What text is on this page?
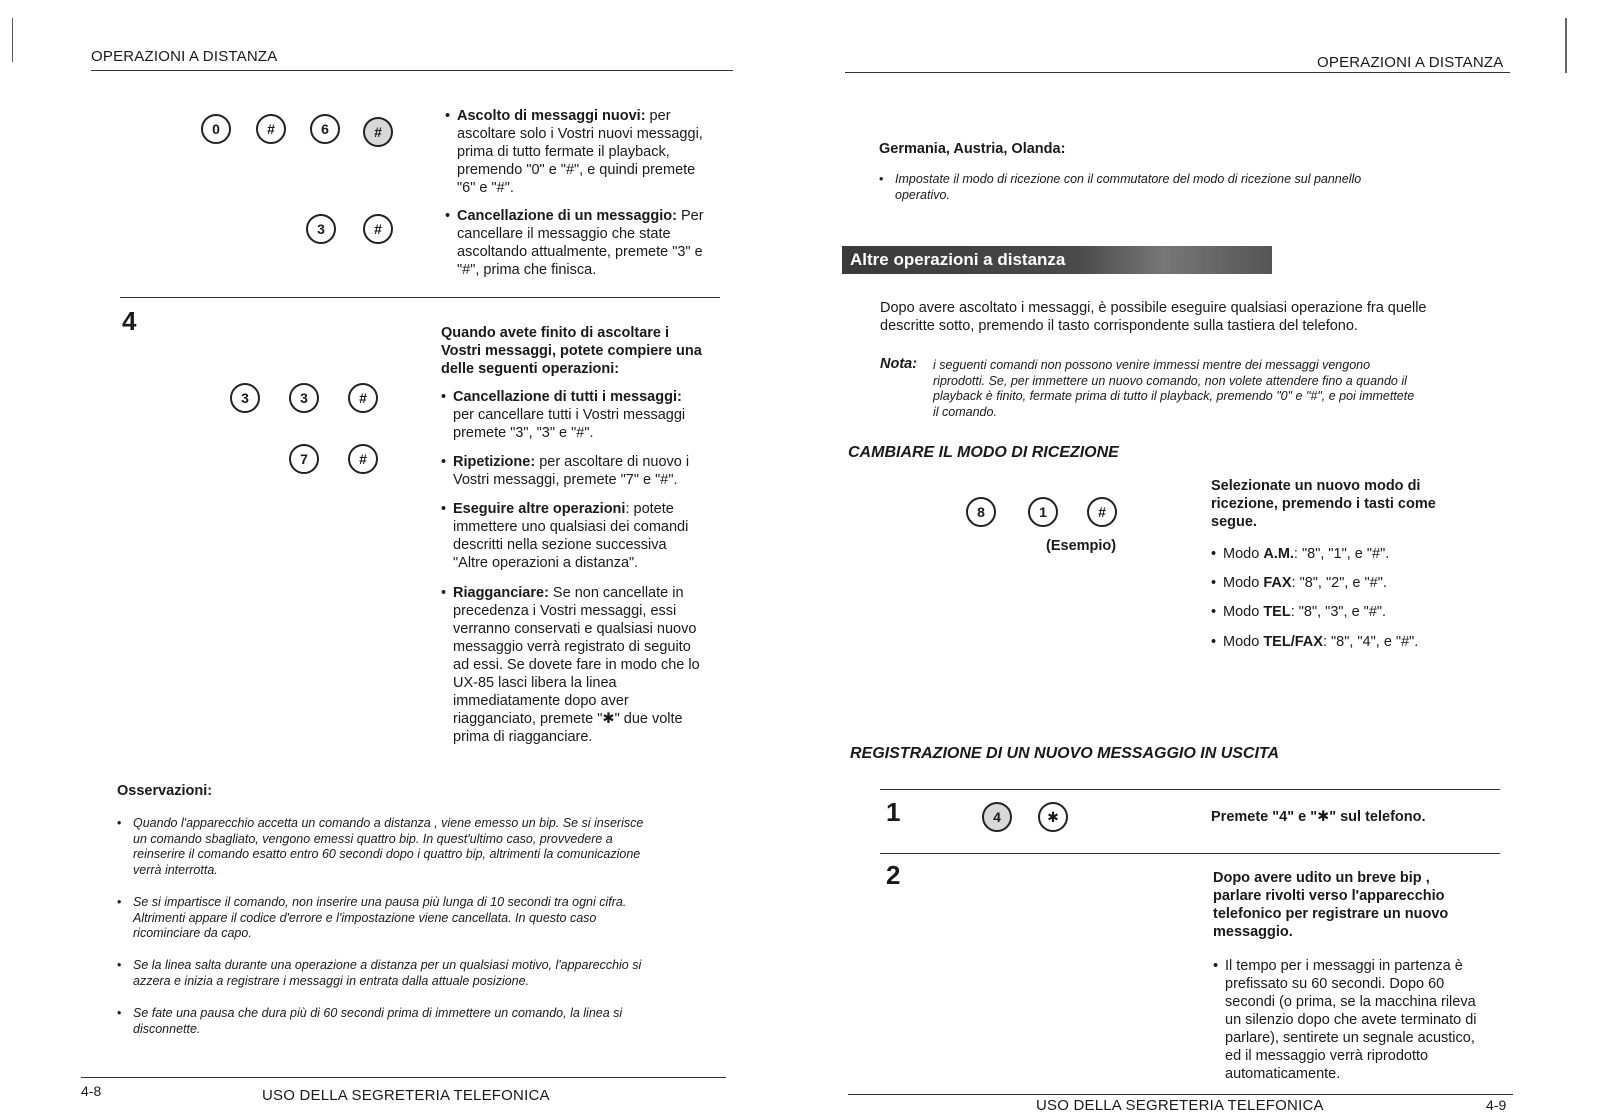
OPERAZIONI A DISTANZA
0	#	6	#
3	#
• Ascolto di messaggi nuovi: per
ascoltare solo i Vostri nuovi messaggi,
prima di tutto fermate il playback,
premendo "0" e "#", e quindi premete
"6" e "#".
• Cancellazione di un messaggio: Per
cancellare il messaggio che state
ascoltando attualmente, premete "3" e
"#", prima che finisca.
4	Quando avete finito di ascoltare i
Vostri messaggi, potete compiere una
delle seguenti operazioni:
3	3	#
7	#
• Cancellazione di tutti i messaggi:
per cancellare tutti i Vostri messaggi
premete "3", "3" e "#".
• Ripetizione: per ascoltare di nuovo i
Vostri messaggi, premete "7" e "#".
• Eseguire altre operazioni: potete
immettere uno qualsiasi dei comandi
descritti nella sezione successiva
"Altre operazioni a distanza".
• Riagganciare: Se non cancellate in
precedenza i Vostri messaggi, essi
verranno conservati e qualsiasi nuovo
messaggio verrà registrato di seguito
ad essi. Se dovete fare in modo che lo
UX-85 lasci libera la linea
immediatamente dopo aver
riagganciato, premete "✱" due volte
prima di riagganciare.
Osservazioni:
• Quando l'apparecchio accetta un comando a distanza , viene emesso un bip. Se si inserisce
un comando sbagliato, vengono emessi quattro bip. In quest'ultimo caso, provvedere a
reinserire il comando esatto entro 60 secondi dopo i quattro bip, altrimenti la comunicazione
verrà interrotta.
• Se si impartisce il comando, non inserire una pausa più lunga di 10 secondi tra ogni cifra.
Altrimenti appare il codice d'errore e l'impostazione viene cancellata. In questo caso
ricominciare da capo.
• Se la linea salta durante una operazione a distanza per un qualsiasi motivo, l'apparecchio si
azzera e inizia a registrare i messaggi in entrata dalla attuale posizione.
• Se fate una pausa che dura più di 60 secondi prima di immettere un comando, la linea si
disconnette.
4-8	USO DELLA SEGRETERIA TELEFONICA
OPERAZIONI A DISTANZA
Germania, Austria, Olanda:
• Impostate il modo di ricezione con il commutatore del modo di ricezione sul pannello
operativo.
Altre operazioni a distanza
Dopo avere ascoltato i messaggi, è possibile eseguire qualsiasi operazione fra quelle
descritte sotto, premendo il tasto corrispondente sulla tastiera del telefono.
Nota: i seguenti comandi non possono venire immessi mentre dei messaggi vengono
riprodotti. Se, per immettere un nuovo comando, non volete attendere fino a quando il
playback è finito, fermate prima di tutto il playback, premendo "0" e "#", e poi immettete
il comando.
CAMBIARE IL MODO DI RICEZIONE
8	1	#
(Esempio)
Selezionate un nuovo modo di
ricezione, premendo i tasti come
segue.
• Modo A.M.: "8", "1", e "#".
• Modo FAX: "8", "2", e "#".
• Modo TEL: "8", "3", e "#".
• Modo TEL/FAX: "8", "4", e "#".
REGISTRAZIONE DI UN NUOVO MESSAGGIO IN USCITA
1	4	✱	Premete "4" e "✱" sul telefono.
2	Dopo avere udito un breve bip ,
parlare rivolti verso l'apparecchio
telefonico per registrare un nuovo
messaggio.
• Il tempo per i messaggi in partenza è
prefissato su 60 secondi. Dopo 60
secondi (o prima, se la macchina rileva
un silenzio dopo che avete terminato di
parlare), sentirete un segnale acustico,
ed il messaggio verrà riprodotto
automaticamente.
USO DELLA SEGRETERIA TELEFONICA	4-9
